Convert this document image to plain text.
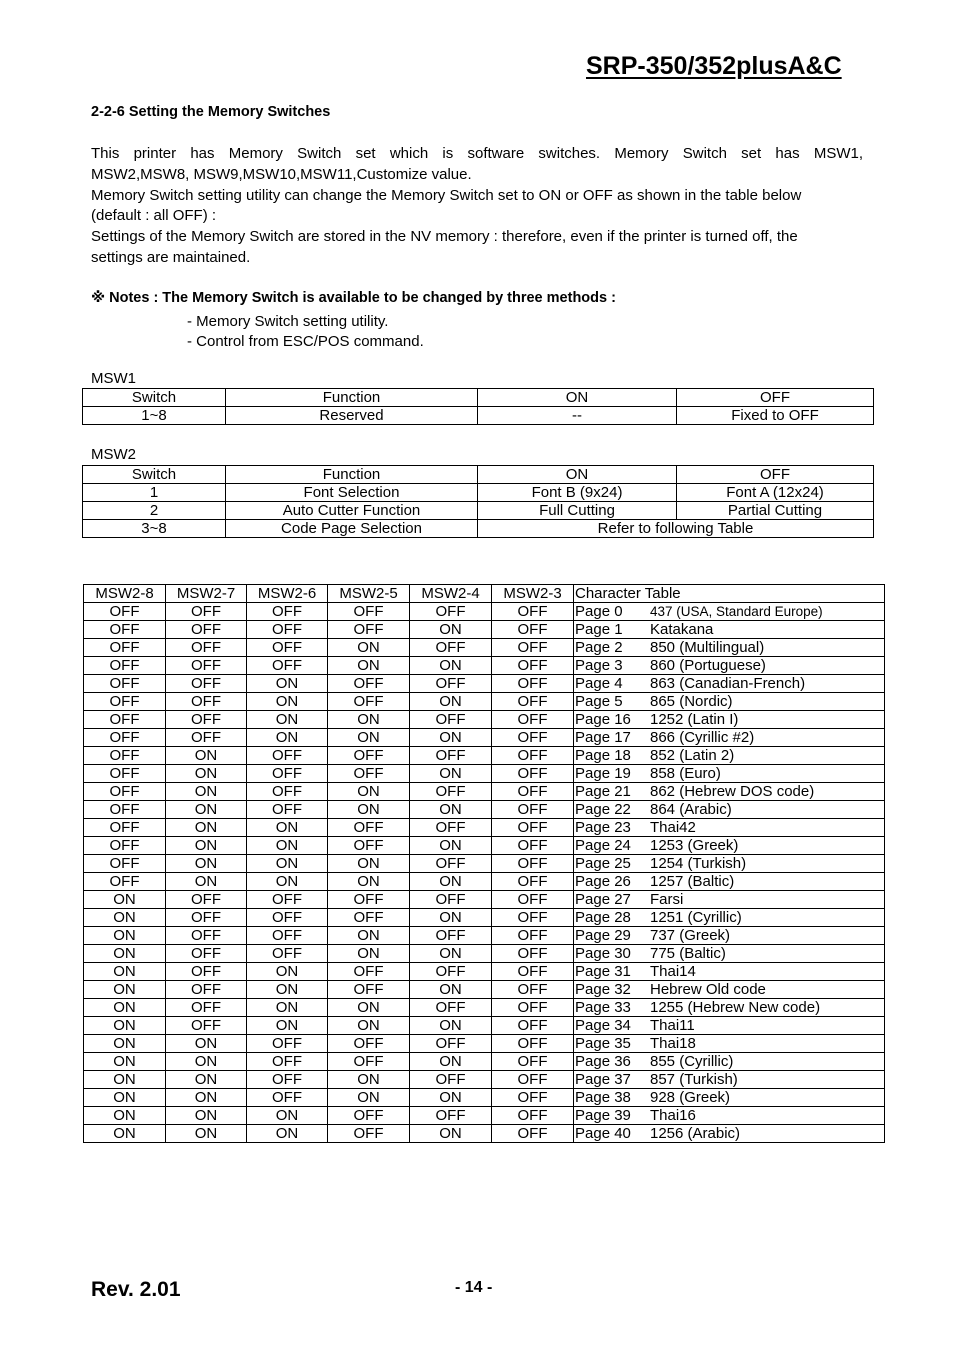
SRP-350/352plusA&C
2-2-6 Setting the Memory Switches

This printer has Memory Switch set which is software switches. Memory Switch set has MSW1,

MSW2,MSW8, MSW9,MSW10,MSW11,Customize value.

Memory Switch setting utility can change the Memory Switch set to ON or OFF as shown in the table below

(default : all OFF) :

Settings of the Memory Switch are stored in the NV memory : therefore, even if the printer is turned off, the

settings are maintained.

※ Notes : The Memory Switch is available to be changed by three methods :
- Memory Switch setting utility.
- Control from ESC/POS command.
MSW1
Switch	Function	ON	OFF
1~8	Reserved	--	Fixed to OFF
MSW2
Switch	Function	ON	OFF
1	Font Selection	Font B (9x24)	Font A (12x24)
2	Auto Cutter Function	Full Cutting	Partial Cutting
3~8	Code Page Selection	Refer to following Table	
MSW2-8	MSW2-7	MSW2-6	MSW2-5	MSW2-4	MSW2-3	Character Table
OFF	OFF	OFF	OFF	OFF	OFF	Page 0 437 (USA, Standard Europe)
OFF	OFF	OFF	OFF	ON	OFF	Page 1 Katakana
OFF	OFF	OFF	ON	OFF	OFF	Page 2 850 (Multilingual)
OFF	OFF	OFF	ON	ON	OFF	Page 3 860 (Portuguese)
OFF	OFF	ON	OFF	OFF	OFF	Page 4 863 (Canadian-French)
OFF	OFF	ON	OFF	ON	OFF	Page 5 865 (Nordic)
OFF	OFF	ON	ON	OFF	OFF	Page 16 1252 (Latin I)
OFF	OFF	ON	ON	ON	OFF	Page 17 866 (Cyrillic #2)
OFF	ON	OFF	OFF	OFF	OFF	Page 18 852 (Latin 2)
OFF	ON	OFF	OFF	ON	OFF	Page 19 858 (Euro)
OFF	ON	OFF	ON	OFF	OFF	Page 21 862 (Hebrew DOS code)
OFF	ON	OFF	ON	ON	OFF	Page 22 864 (Arabic)
OFF	ON	ON	OFF	OFF	OFF	Page 23 Thai42
OFF	ON	ON	OFF	ON	OFF	Page 24 1253 (Greek)
OFF	ON	ON	ON	OFF	OFF	Page 25 1254 (Turkish)
OFF	ON	ON	ON	ON	OFF	Page 26 1257 (Baltic)
ON	OFF	OFF	OFF	OFF	OFF	Page 27 Farsi
ON	OFF	OFF	OFF	ON	OFF	Page 28 1251 (Cyrillic)
ON	OFF	OFF	ON	OFF	OFF	Page 29 737 (Greek)
ON	OFF	OFF	ON	ON	OFF	Page 30 775 (Baltic)
ON	OFF	ON	OFF	OFF	OFF	Page 31 Thai14
ON	OFF	ON	OFF	ON	OFF	Page 32 Hebrew Old code
ON	OFF	ON	ON	OFF	OFF	Page 33 1255 (Hebrew New code)
ON	OFF	ON	ON	ON	OFF	Page 34 Thai11
ON	ON	OFF	OFF	OFF	OFF	Page 35 Thai18
ON	ON	OFF	OFF	ON	OFF	Page 36 855 (Cyrillic)
ON	ON	OFF	ON	OFF	OFF	Page 37 857 (Turkish)
ON	ON	OFF	ON	ON	OFF	Page 38 928 (Greek)
ON	ON	ON	OFF	OFF	OFF	Page 39 Thai16
ON	ON	ON	OFF	ON	OFF	Page 40 1256 (Arabic)
Rev. 2.01	- 14 -
